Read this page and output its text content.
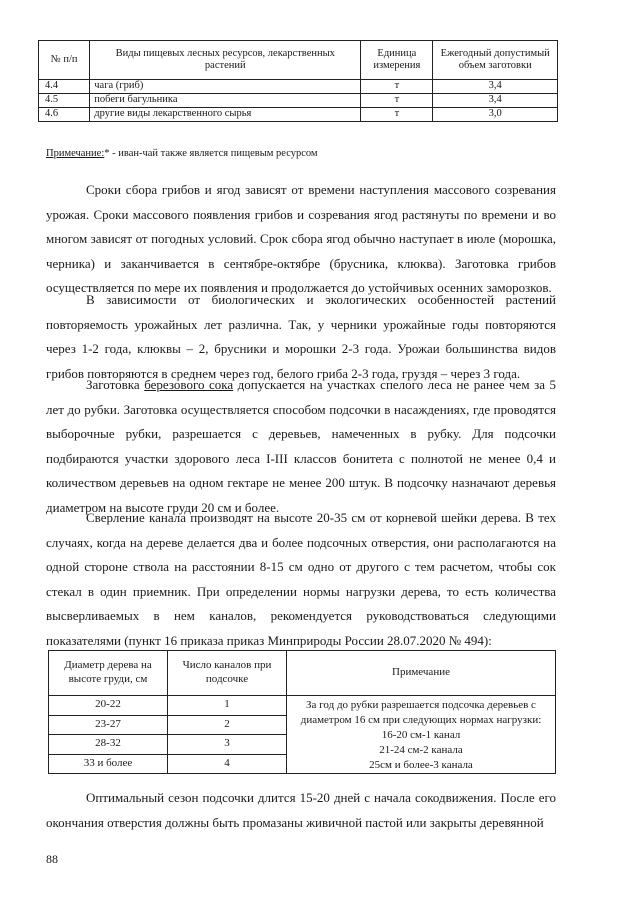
№ п/п	Виды пищевых лесных ресурсов, лекарственных растений	Единица измерения	Ежегодный допустимый объем заготовки
4.4	чага (гриб)	т	3,4
4.5	побеги багульника	т	3,4
4.6	другие виды лекарственного сырья	т	3,0
Примечание:* - иван-чай также является пищевым ресурсом
Сроки сбора грибов и ягод зависят от времени наступления массового созревания урожая. Сроки массового появления грибов и созревания ягод растянуты по времени и во многом зависят от погодных условий. Срок сбора ягод обычно наступает в июле (морошка, черника) и заканчивается в сентябре-октябре (брусника, клюква). Заготовка грибов осуществляется по мере их появления и продолжается до устойчивых осенних заморозков.
В зависимости от биологических и экологических особенностей растений повторяемость урожайных лет различна. Так, у черники урожайные годы повторяются через 1-2 года, клюквы – 2, брусники и морошки 2-3 года. Урожаи большинства видов грибов повторяются в среднем через год, белого гриба 2-3 года, груздя – через 3 года.
Заготовка березового сока допускается на участках спелого леса не ранее чем за 5 лет до рубки. Заготовка осуществляется способом подсочки в насаждениях, где проводятся выборочные рубки, разрешается с деревьев, намеченных в рубку. Для подсочки подбираются участки здорового леса I-III классов бонитета с полнотой не менее 0,4 и количеством деревьев на одном гектаре не менее 200 штук. В подсочку назначают деревья диаметром на высоте груди 20 см и более.
Сверление канала производят на высоте 20-35 см от корневой шейки дерева. В тех случаях, когда на дереве делается два и более подсочных отверстия, они располагаются на одной стороне ствола на расстоянии 8-15 см одно от другого с тем расчетом, чтобы сок стекал в один приемник. При определении нормы нагрузки дерева, то есть количества высверливаемых в нем каналов, рекомендуется руководствоваться следующими показателями (пункт 16 приказа приказ Минприроды России 28.07.2020 № 494):
Диаметр дерева на высоте груди, см	Число каналов при подсочке	Примечание
20-22	1	За год до рубки разрешается подсочка деревьев с
диаметром 16 см при следующих нормах нагрузки:
16-20 см-1 канал
21-24 см-2 канала
25см и более-3 канала

23-27	2	
28-32	3	
33 и более	4	
Оптимальный сезон подсочки длится 15-20 дней с начала сокодвижения. После его окончания отверстия должны быть промазаны живичной пастой или закрыты деревянной
88
